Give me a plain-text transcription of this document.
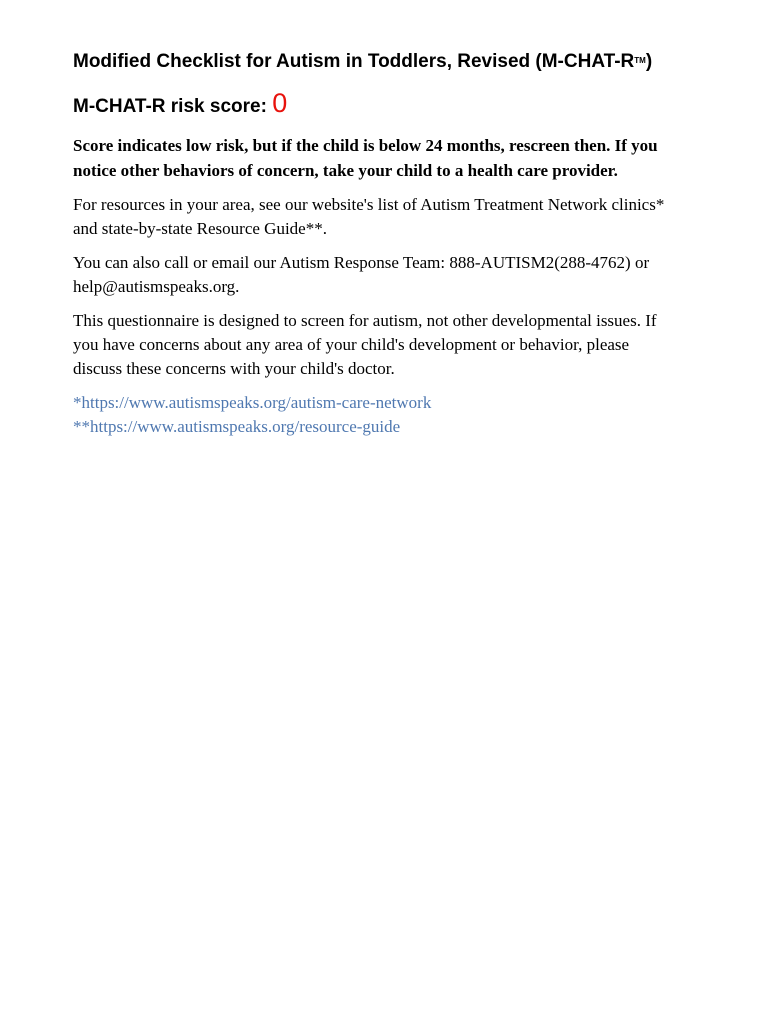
Modified Checklist for Autism in Toddlers, Revised (M-CHAT-R™)
M-CHAT-R risk score: 0

Score indicates low risk, but if the child is below 24 months, rescreen then. If you notice other behaviors of concern, take your child to a health care provider.

For resources in your area, see our website's list of Autism Treatment Network clinics* and state-by-state Resource Guide**.

You can also call or email our Autism Response Team: 888-AUTISM2(288-4762) or help@autismspeaks.org.

This questionnaire is designed to screen for autism, not other developmental issues. If you have concerns about any area of your child's development or behavior, please discuss these concerns with your child's doctor.

*https://www.autismspeaks.org/autism-care-network
**https://www.autismspeaks.org/resource-guide
